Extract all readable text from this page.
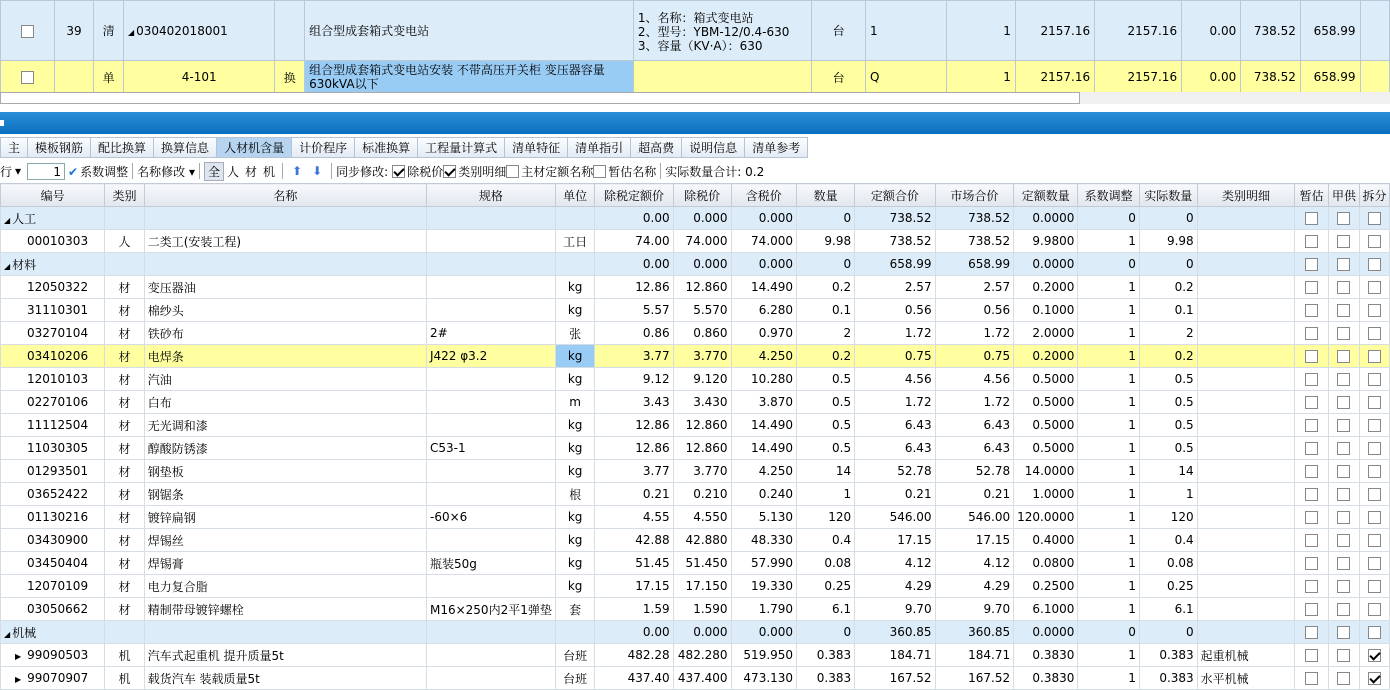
	39	清	◢ 030402018001		组合型成套箱式变电站	1、名称：箱式变电站
2、型号：YBM-12/0.4-630
3、容量（KV·A）：630	台	1	1	2157.16	2157.16	0.00	738.52	658.99	
		单	4-101	换	组合型成套箱式变电站安装 不带高压开关柜 变压器容量630kVA以下		台	Q	1	2157.16	2157.16	0.00	738.52	658.99	
主	模板钢筋	配比换算	换算信息	人材机含量	计价程序	标准换算	工程量计算式	清单特征	清单指引	超高费	说明信息	清单参考
行 ▾	1 ✔ 系数调整 名称修改 ▾	全 人 材 机 ⬆ ⬇ 同步修改: 除税价 类别明细 主材定额名称 暂估名称 实际数量合计: 0.2
编号	类别	名称	规格	单位	除税定额价	除税价	含税价	数量	定额合价	市场合价	定额数量	系数调整	实际数量	类别明细	暂估	甲供	拆分
◢ 人工					0.00	0.000	0.000	0	738.52	738.52	0.0000	0	0				
00010303	人	二类工(安装工程)		工日	74.00	74.000	74.000	9.98	738.52	738.52	9.9800	1	9.98				
◢ 材料					0.00	0.000	0.000	0	658.99	658.99	0.0000	0	0				
12050322	材	变压器油		kg	12.86	12.860	14.490	0.2	2.57	2.57	0.2000	1	0.2				
31110301	材	棉纱头		kg	5.57	5.570	6.280	0.1	0.56	0.56	0.1000	1	0.1				
03270104	材	铁砂布	2#	张	0.86	0.860	0.970	2	1.72	1.72	2.0000	1	2				
03410206	材	电焊条	J422 φ3.2	kg	3.77	3.770	4.250	0.2	0.75	0.75	0.2000	1	0.2				
12010103	材	汽油		kg	9.12	9.120	10.280	0.5	4.56	4.56	0.5000	1	0.5				
02270106	材	白布		m	3.43	3.430	3.870	0.5	1.72	1.72	0.5000	1	0.5				
11112504	材	无光调和漆		kg	12.86	12.860	14.490	0.5	6.43	6.43	0.5000	1	0.5				
11030305	材	醇酸防锈漆	C53-1	kg	12.86	12.860	14.490	0.5	6.43	6.43	0.5000	1	0.5				
01293501	材	钢垫板		kg	3.77	3.770	4.250	14	52.78	52.78	14.0000	1	14				
03652422	材	钢锯条		根	0.21	0.210	0.240	1	0.21	0.21	1.0000	1	1				
01130216	材	镀锌扁钢	-60×6	kg	4.55	4.550	5.130	120	546.00	546.00	120.0000	1	120				
03430900	材	焊锡丝		kg	42.88	42.880	48.330	0.4	17.15	17.15	0.4000	1	0.4				
03450404	材	焊锡膏	瓶装50g	kg	51.45	51.450	57.990	0.08	4.12	4.12	0.0800	1	0.08				
12070109	材	电力复合脂		kg	17.15	17.150	19.330	0.25	4.29	4.29	0.2500	1	0.25				
03050662	材	精制带母镀锌螺栓	M16×250内2平1弹垫	套	1.59	1.590	1.790	6.1	9.70	9.70	6.1000	1	6.1				
◢ 机械					0.00	0.000	0.000	0	360.85	360.85	0.0000	0	0				
▶ 99090503	机	汽车式起重机 提升质量5t		台班	482.28	482.280	519.950	0.383	184.71	184.71	0.3830	1	0.383	起重机械			
▶ 99070907	机	载货汽车 装载质量5t		台班	437.40	437.400	473.130	0.383	167.52	167.52	0.3830	1	0.383	水平机械			
